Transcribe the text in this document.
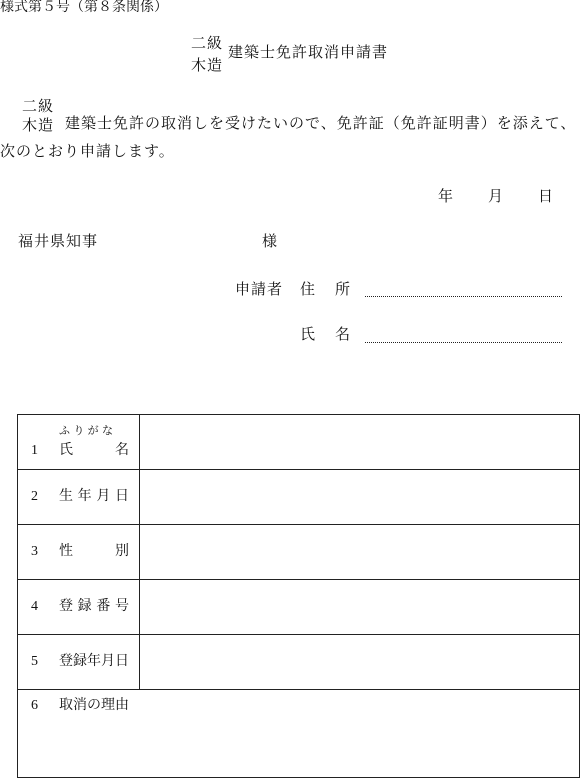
様式第５号（第８条関係）
二級
木造
建築士免許取消申請書
二級
木造 建築士免許の取消しを受けたいので、免許証（免許証明書）を添えて、
次のとおり申請します。
年 月 日
福井県知事	様
申請者 住所
氏名
1
ふりがな
氏名
2 生年月日
3 性別
4 登録番号
5 登録年月日
6 取消の理由
